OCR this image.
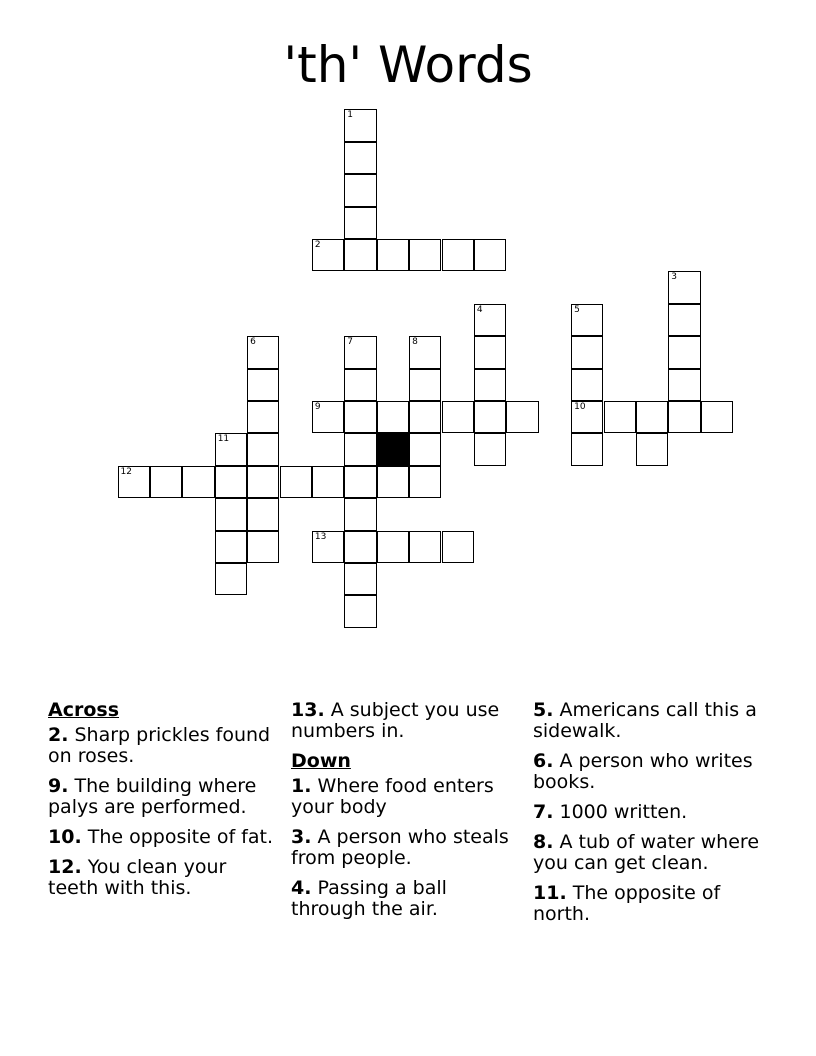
'th' Words
1
2
3
4	5
10
6	7	8
9
11
12
13
Across
2. Sharp prickles found on roses.
9. The building where palys are performed.
10. The opposite of fat.
12. You clean your teeth with this.
13. A subject you use numbers in.
Down
1. Where food enters your body
3. A person who steals from people.
4. Passing a ball through the air.
5. Americans call this a sidewalk.
6. A person who writes books.
7. 1000 written.
8. A tub of water where you can get clean.
11. The opposite of north.
